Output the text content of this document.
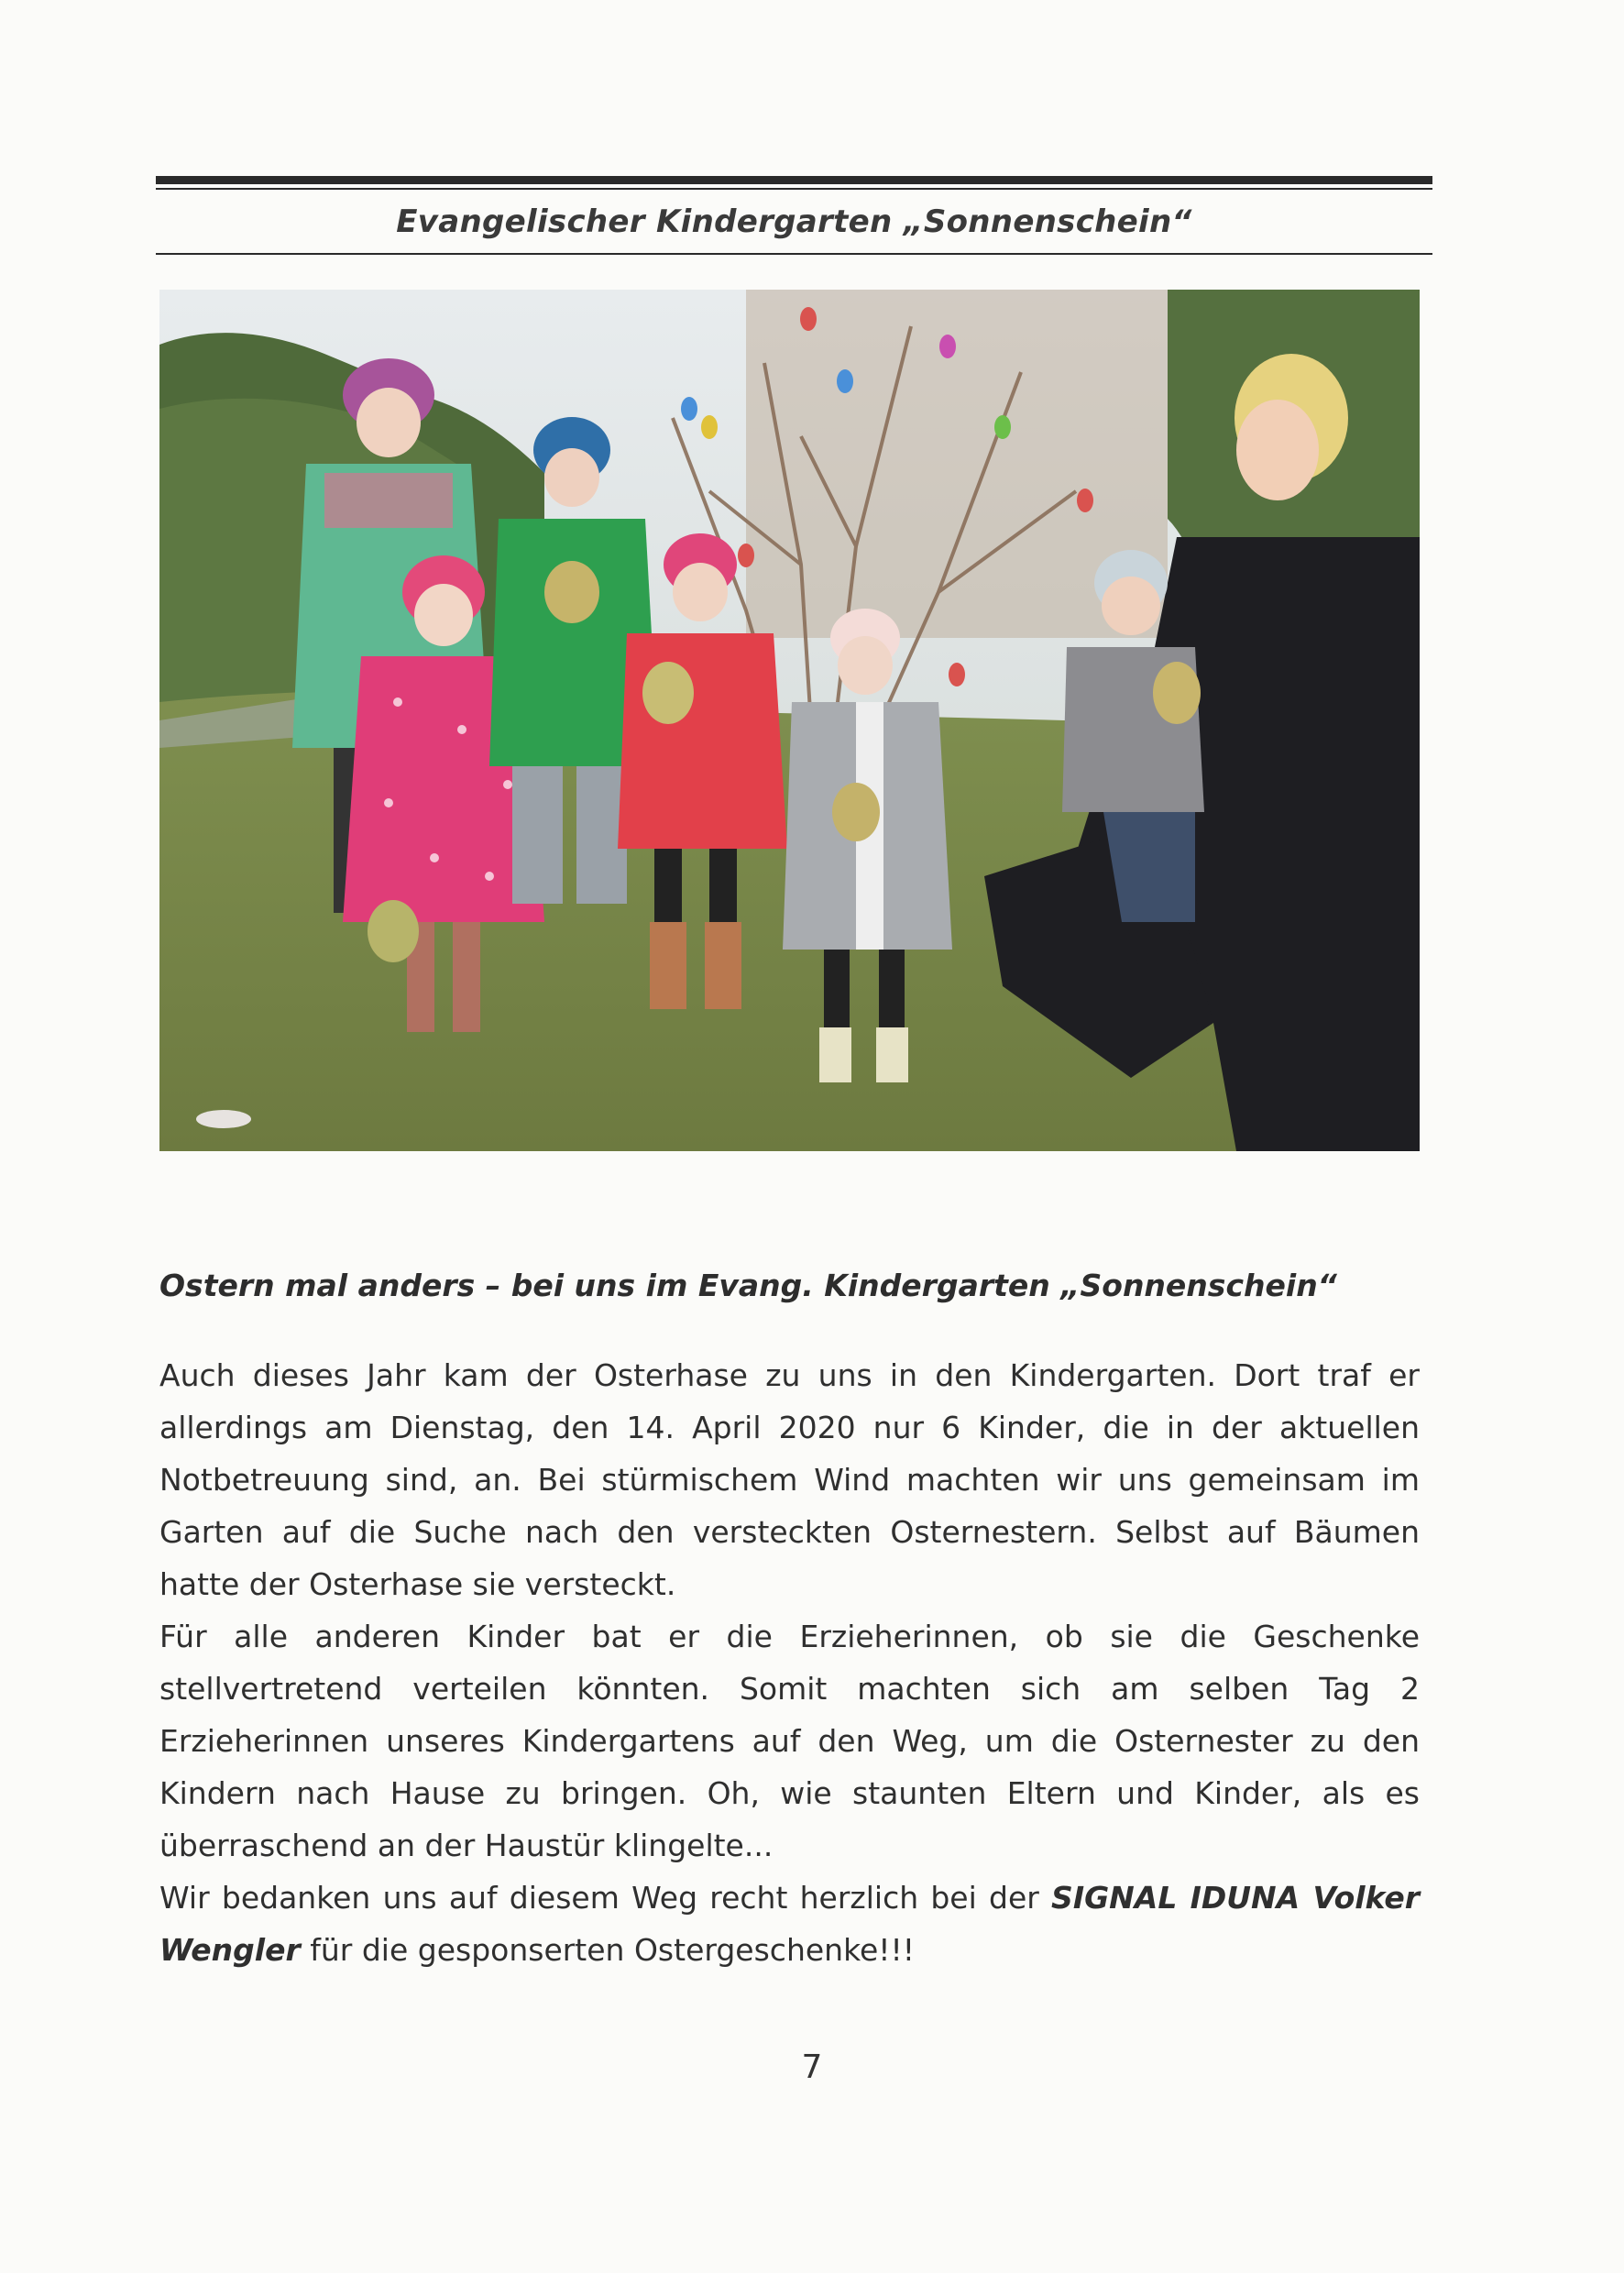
Evangelischer Kindergarten „Sonnenschein“
Ostern mal anders – bei uns im Evang. Kindergarten „Sonnenschein“

Auch dieses Jahr kam der Osterhase zu uns in den Kindergarten. Dort traf er allerdings am Dienstag, den 14. April 2020 nur 6 Kinder, die in der aktuellen Notbetreuung sind, an. Bei stürmischem Wind machten wir uns gemeinsam im Garten auf die Suche nach den versteckten Osternestern. Selbst auf Bäumen hatte der Osterhase sie versteckt.

Für alle anderen Kinder bat er die Erzieherinnen, ob sie die Geschenke stellvertretend verteilen könnten. Somit machten sich am selben Tag 2 Erzieherinnen unseres Kindergartens auf den Weg, um die Osternester zu den Kindern nach Hause zu bringen. Oh, wie staunten Eltern und Kinder, als es überraschend an der Haustür klingelte...

Wir bedanken uns auf diesem Weg recht herzlich bei der SIGNAL IDUNA Volker Wengler für die gesponserten Ostergeschenke!!!

7
